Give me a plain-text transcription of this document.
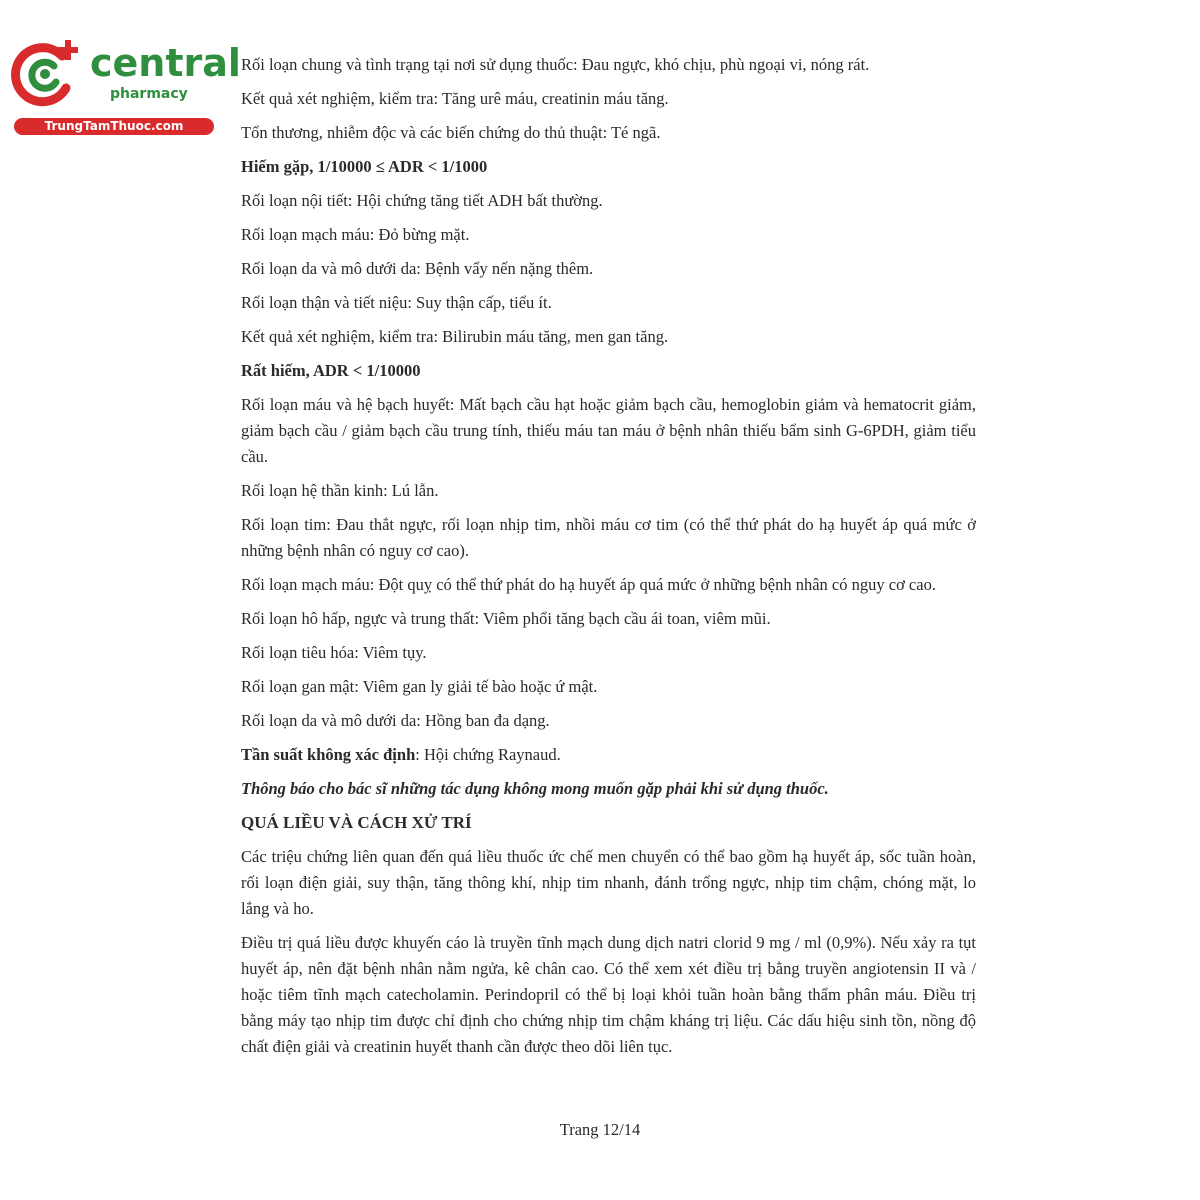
central
pharmacy
TrungTamThuoc.com

Rối loạn chung và tình trạng tại nơi sử dụng thuốc: Đau ngực, khó chịu, phù ngoại vi, nóng rát.

Kết quả xét nghiệm, kiểm tra: Tăng urê máu, creatinin máu tăng.

Tổn thương, nhiễm độc và các biến chứng do thủ thuật: Té ngã.

Hiếm gặp, 1/10000 ≤ ADR < 1/1000

Rối loạn nội tiết: Hội chứng tăng tiết ADH bất thường.

Rối loạn mạch máu: Đỏ bừng mặt.

Rối loạn da và mô dưới da: Bệnh vẩy nến nặng thêm.

Rối loạn thận và tiết niệu: Suy thận cấp, tiểu ít.

Kết quả xét nghiệm, kiểm tra: Bilirubin máu tăng, men gan tăng.

Rất hiếm, ADR < 1/10000

Rối loạn máu và hệ bạch huyết: Mất bạch cầu hạt hoặc giảm bạch cầu, hemoglobin giảm và hematocrit giảm, giảm bạch cầu / giảm bạch cầu trung tính, thiếu máu tan máu ở bệnh nhân thiếu bẩm sinh G-6PDH, giảm tiểu cầu.

Rối loạn hệ thần kinh: Lú lẫn.

Rối loạn tim: Đau thắt ngực, rối loạn nhịp tim, nhồi máu cơ tim (có thể thứ phát do hạ huyết áp quá mức ở những bệnh nhân có nguy cơ cao).

Rối loạn mạch máu: Đột quỵ có thể thứ phát do hạ huyết áp quá mức ở những bệnh nhân có nguy cơ cao.

Rối loạn hô hấp, ngực và trung thất: Viêm phổi tăng bạch cầu ái toan, viêm mũi.

Rối loạn tiêu hóa: Viêm tụy.

Rối loạn gan mật: Viêm gan ly giải tế bào hoặc ứ mật.

Rối loạn da và mô dưới da: Hồng ban đa dạng.

Tần suất không xác định: Hội chứng Raynaud.

Thông báo cho bác sĩ những tác dụng không mong muốn gặp phải khi sử dụng thuốc.

QUÁ LIỀU VÀ CÁCH XỬ TRÍ

Các triệu chứng liên quan đến quá liều thuốc ức chế men chuyển có thể bao gồm hạ huyết áp, sốc tuần hoàn, rối loạn điện giải, suy thận, tăng thông khí, nhịp tim nhanh, đánh trống ngực, nhịp tim chậm, chóng mặt, lo lắng và ho.

Điều trị quá liều được khuyến cáo là truyền tĩnh mạch dung dịch natri clorid 9 mg / ml (0,9%). Nếu xảy ra tụt huyết áp, nên đặt bệnh nhân nằm ngửa, kê chân cao. Có thể xem xét điều trị bằng truyền angiotensin II và / hoặc tiêm tĩnh mạch catecholamin. Perindopril có thể bị loại khỏi tuần hoàn bằng thẩm phân máu. Điều trị bằng máy tạo nhịp tim được chỉ định cho chứng nhịp tim chậm kháng trị liệu. Các dấu hiệu sinh tồn, nồng độ chất điện giải và creatinin huyết thanh cần được theo dõi liên tục.

Trang 12/14
